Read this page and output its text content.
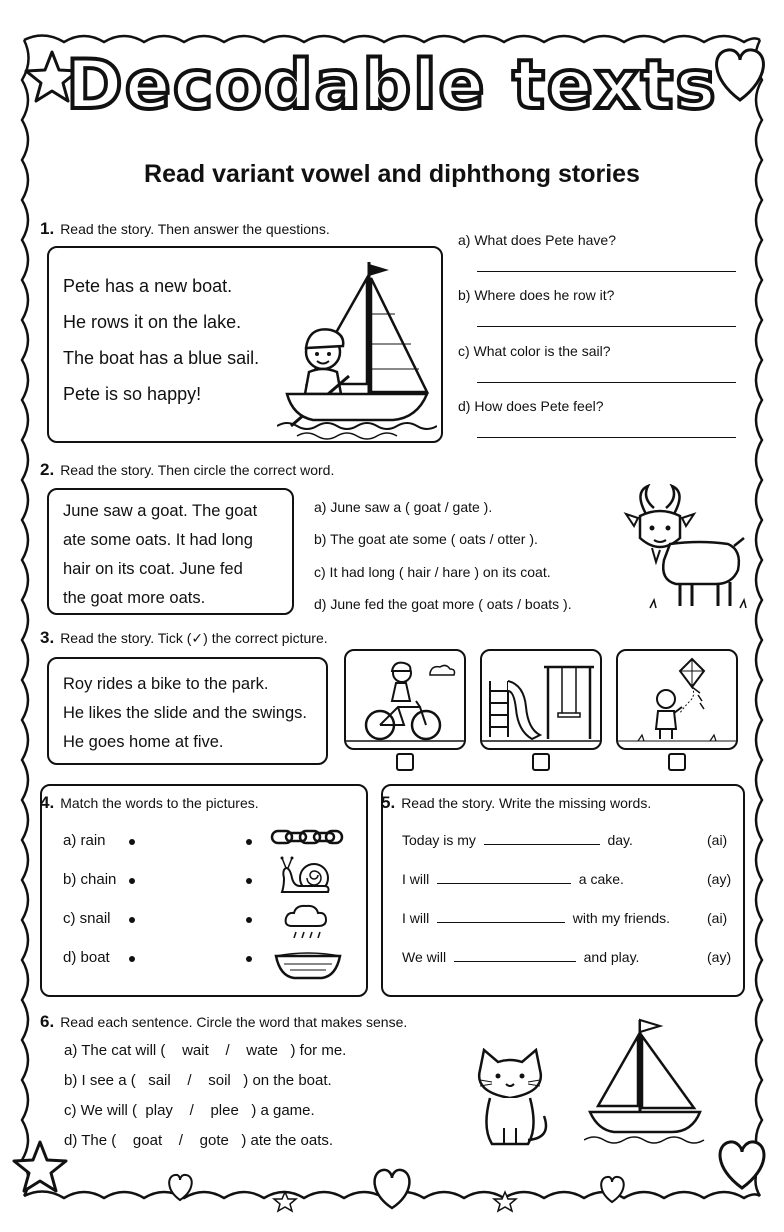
Decodable texts
Read variant vowel and diphthong stories
1. Read the story. Then answer the questions.
Pete has a new boat.
He rows it on the lake.
The boat has a blue sail.
Pete is so happy!
a) What does Pete have?
b) Where does he row it?
c) What color is the sail?
d) How does Pete feel?
2. Read the story. Then circle the correct word.
June saw a goat. The goat
ate some oats. It had long
hair on its coat. June fed
the goat more oats.
a) June saw a ( goat / gate ).
b) The goat ate some ( oats / otter ).
c) It had long ( hair / hare ) on its coat.
d) June fed the goat more ( oats / boats ).
3. Read the story. Tick (✓) the correct picture.
Roy rides a bike to the park.
He likes the slide and the swings.
He goes home at five.
4. Match the words to the pictures.
a) rain
b) chain
c) snail
d) boat
5. Read the story. Write the missing words.
Today is my	day.	(ai)
I will	a cake.	(ay)
I will	with my friends.	(ai)
We will	and play.	(ay)
6. Read each sentence. Circle the word that makes sense.
a) The cat will ( wait    /    wate ) for me.
b) I see a ( sail    /    soil ) on the boat.
c) We will ( play    /    plee ) a game.
d) The ( goat    /    gote ) ate the oats.
